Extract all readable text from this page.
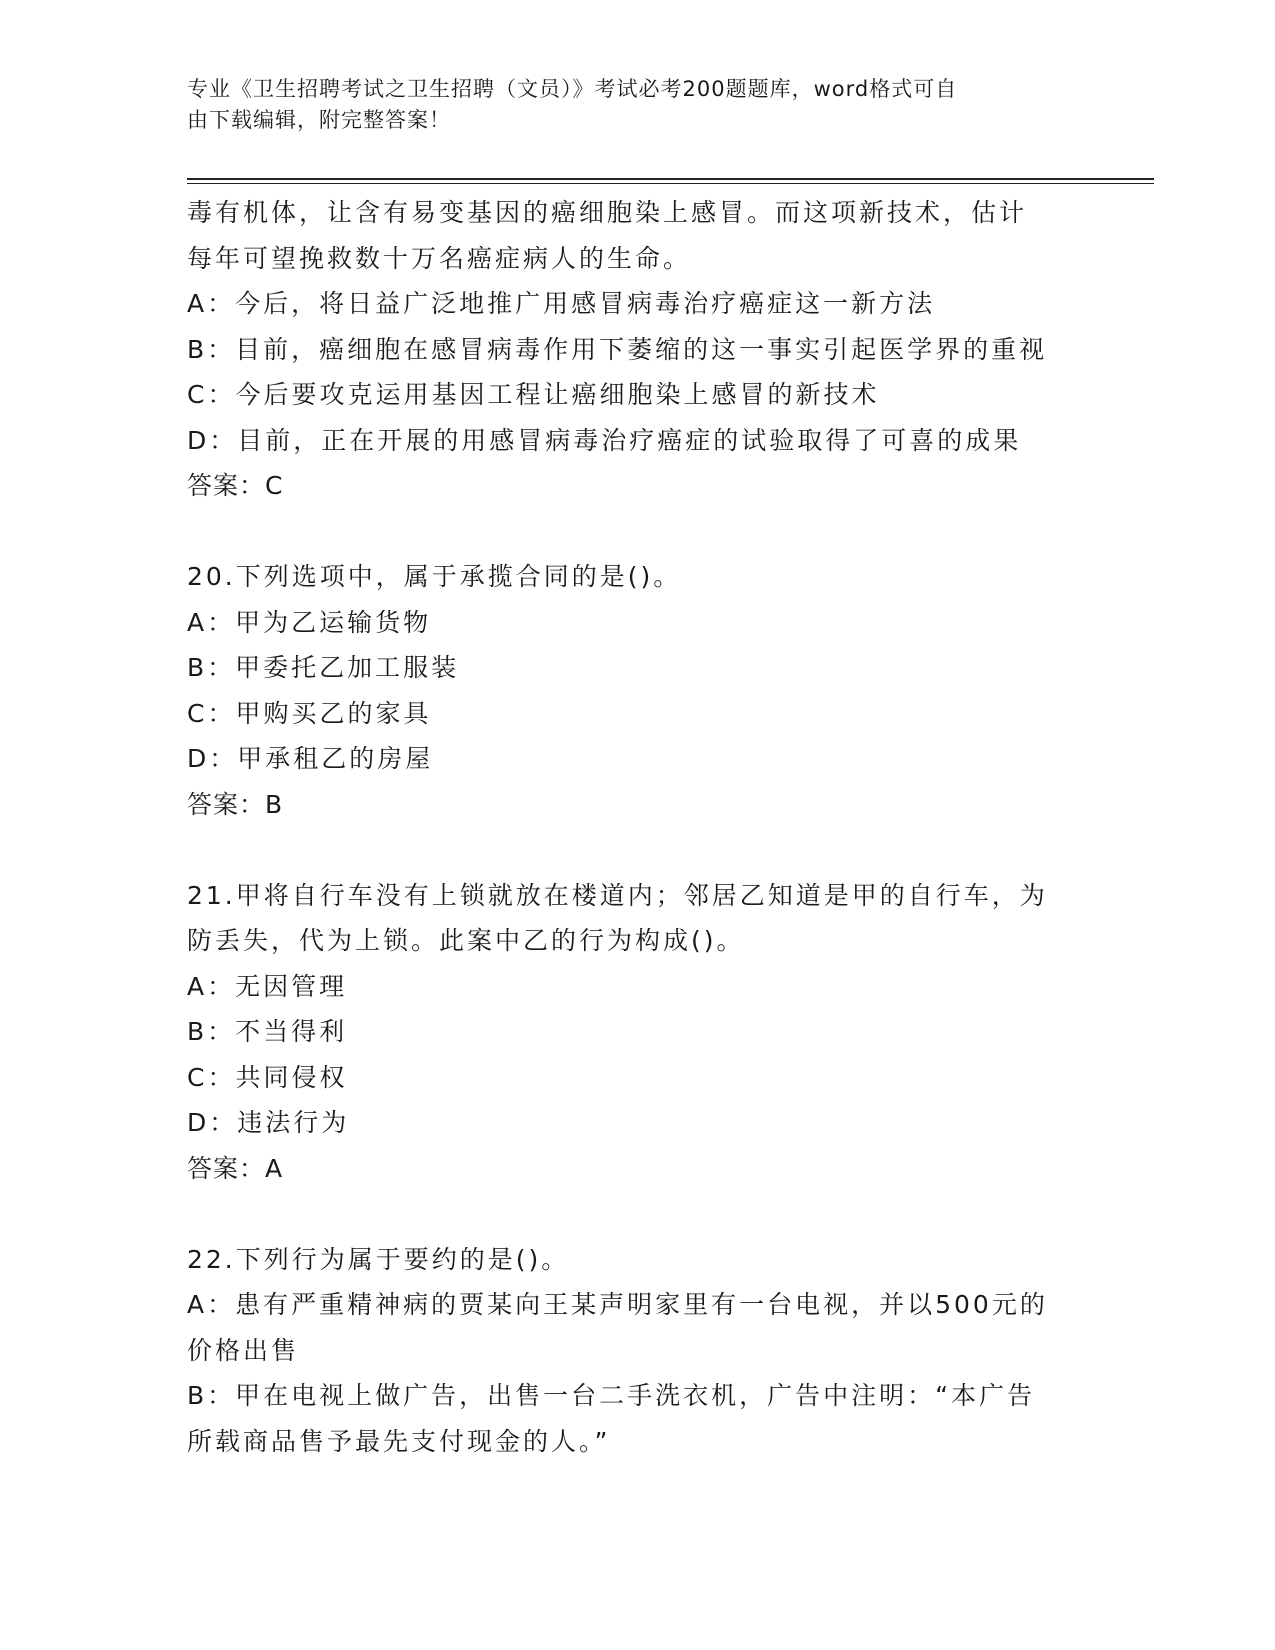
专业《卫生招聘考试之卫生招聘（文员）》考试必考200题题库，word格式可自
由下载编辑，附完整答案！
毒有机体，让含有易变基因的癌细胞染上感冒。而这项新技术，估计
每年可望挽救数十万名癌症病人的生命。
A：今后，将日益广泛地推广用感冒病毒治疗癌症这一新方法
B：目前，癌细胞在感冒病毒作用下萎缩的这一事实引起医学界的重视
C：今后要攻克运用基因工程让癌细胞染上感冒的新技术
D：目前，正在开展的用感冒病毒治疗癌症的试验取得了可喜的成果
答案：C
20.下列选项中，属于承揽合同的是()。
A：甲为乙运输货物
B：甲委托乙加工服装
C：甲购买乙的家具
D：甲承租乙的房屋
答案：B
21.甲将自行车没有上锁就放在楼道内；邻居乙知道是甲的自行车，为
防丢失，代为上锁。此案中乙的行为构成()。
A：无因管理
B：不当得利
C：共同侵权
D：违法行为
答案：A
22.下列行为属于要约的是()。
A：患有严重精神病的贾某向王某声明家里有一台电视，并以500元的
价格出售
B：甲在电视上做广告，出售一台二手洗衣机，广告中注明：“本广告
所载商品售予最先支付现金的人。”
